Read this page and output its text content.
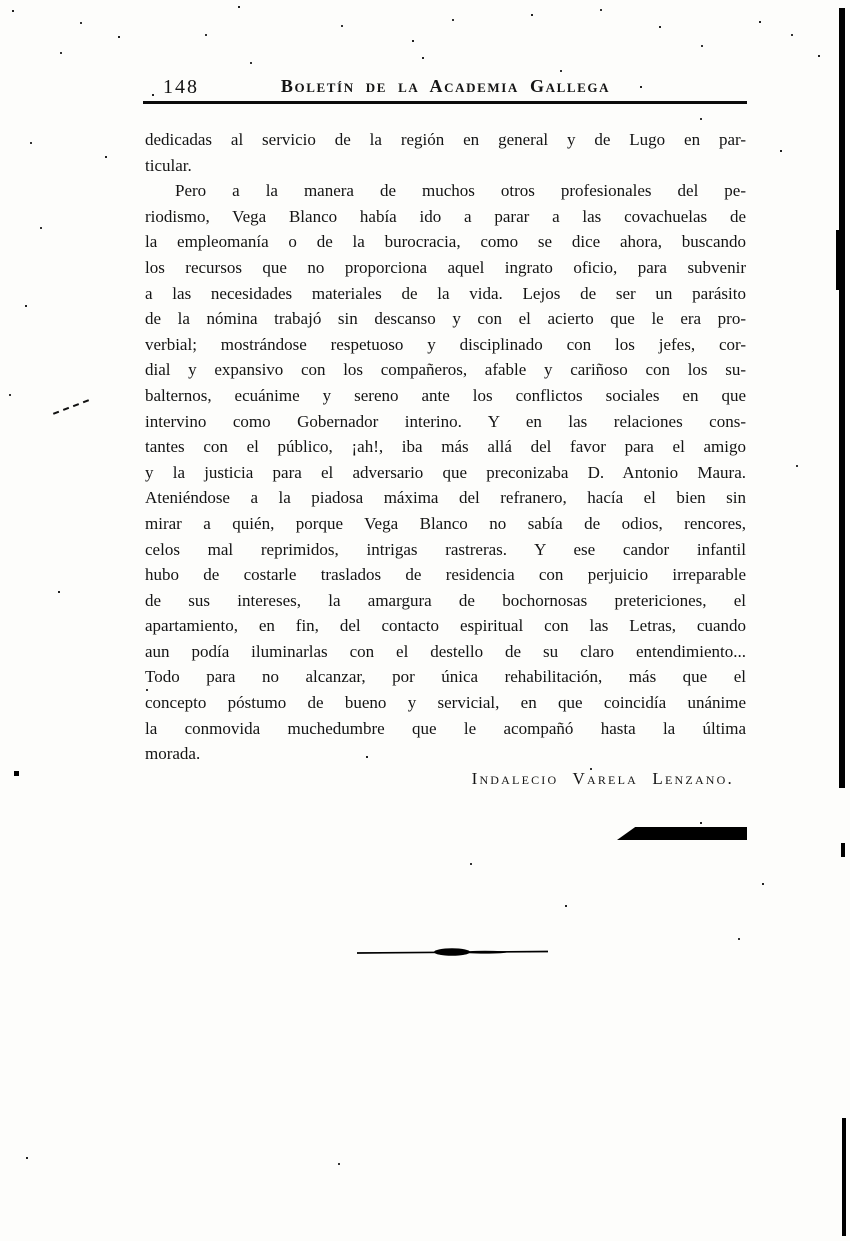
148	Boletín de la Academia Gallega
dedicadas al servicio de la región en general y de Lugo en par-
ticular.
Pero a la manera de muchos otros profesionales del pe-
riodismo, Vega Blanco había ido a parar a las covachuelas de
la empleomanía o de la burocracia, como se dice ahora, buscando
los recursos que no proporciona aquel ingrato oficio, para subvenir
a las necesidades materiales de la vida. Lejos de ser un parásito
de la nómina trabajó sin descanso y con el acierto que le era pro-
verbial; mostrándose respetuoso y disciplinado con los jefes, cor-
dial y expansivo con los compañeros, afable y cariñoso con los su-
balternos, ecuánime y sereno ante los conflictos sociales en que
intervino como Gobernador interino. Y en las relaciones cons-
tantes con el público, ¡ah!, iba más allá del favor para el amigo
y la justicia para el adversario que preconizaba D. Antonio Maura.
Ateniéndose a la piadosa máxima del refranero, hacía el bien sin
mirar a quién, porque Vega Blanco no sabía de odios, rencores,
celos mal reprimidos, intrigas rastreras. Y ese candor infantil
hubo de costarle traslados de residencia con perjuicio irreparable
de sus intereses, la amargura de bochornosas pretericiones, el
apartamiento, en fin, del contacto espiritual con las Letras, cuando
aun podía iluminarlas con el destello de su claro entendimiento...
Todo para no alcanzar, por única rehabilitación, más que el
concepto póstumo de bueno y servicial, en que coincidía unánime
la conmovida muchedumbre que le acompañó hasta la última
morada.
Indalecio Varela Lenzano.
